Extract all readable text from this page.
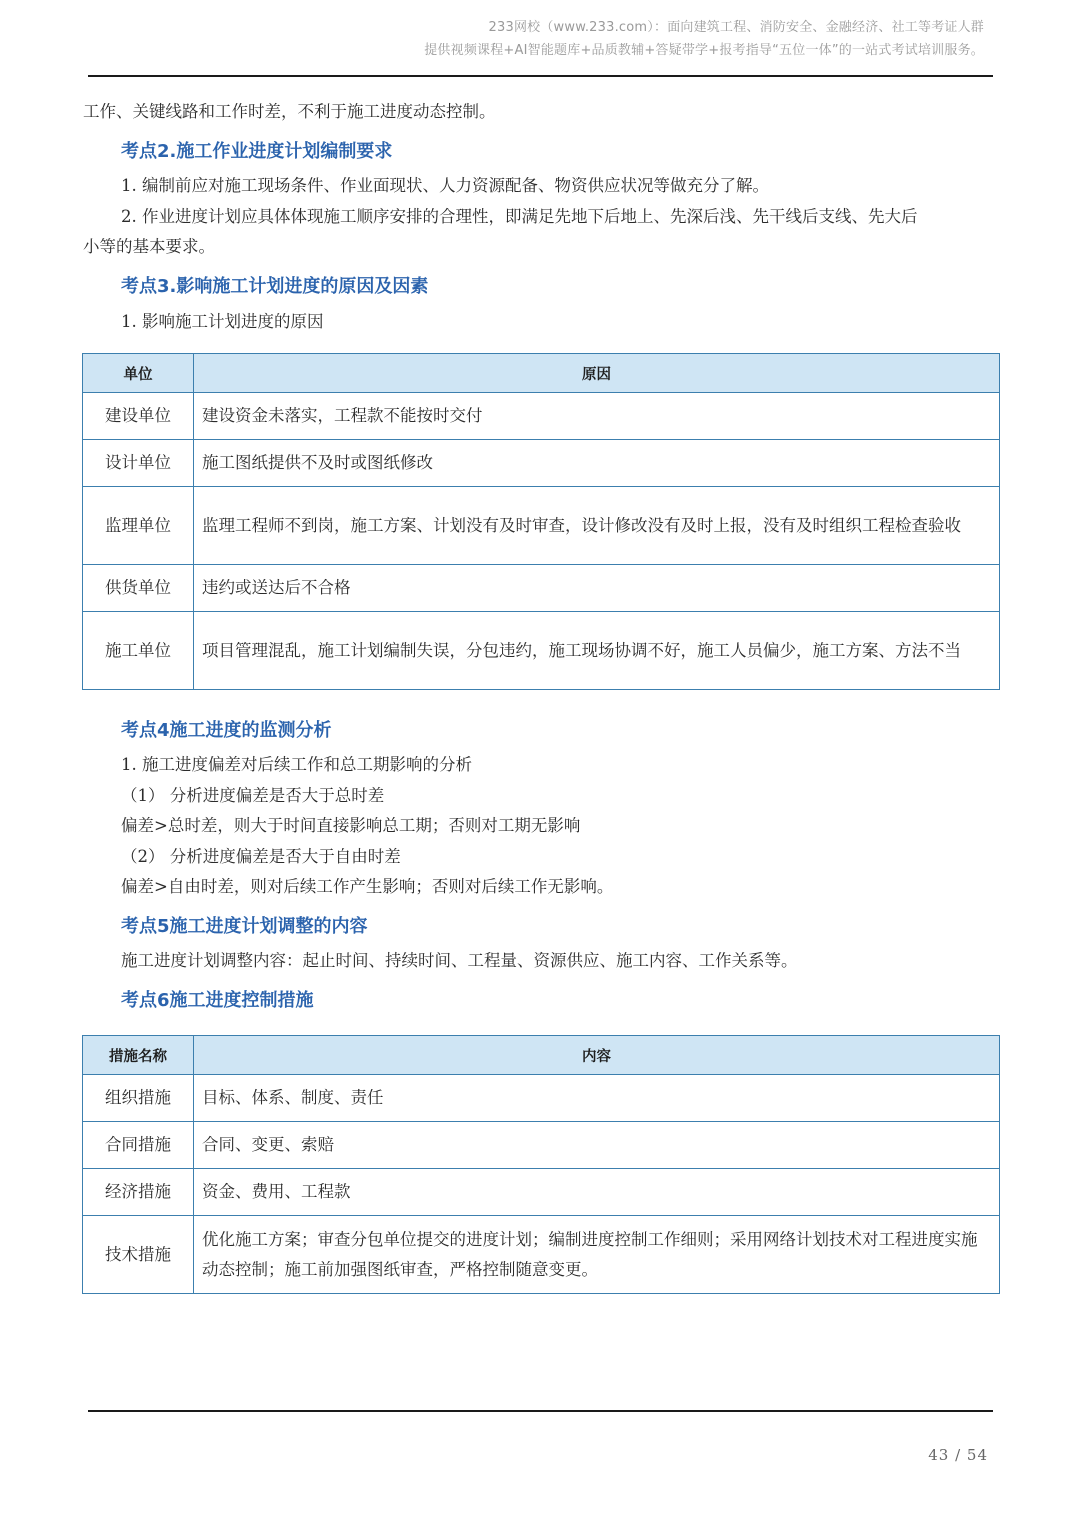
233网校（www.233.com）：面向建筑工程、消防安全、金融经济、社工等考证人群
提供视频课程+AI智能题库+品质教辅+答疑带学+报考指导“五位一体”的一站式考试培训服务。
工作、关键线路和工作时差，不利于施工进度动态控制。
考点2.施工作业进度计划编制要求
1. 编制前应对施工现场条件、作业面现状、人力资源配备、物资供应状况等做充分了解。
2. 作业进度计划应具体体现施工顺序安排的合理性，即满足先地下后地上、先深后浅、先干线后支线、先大后
小等的基本要求。
考点3.影响施工计划进度的原因及因素
1. 影响施工计划进度的原因
单位	原因
建设单位	建设资金未落实，工程款不能按时交付
设计单位	施工图纸提供不及时或图纸修改
监理单位	监理工程师不到岗，施工方案、计划没有及时审查，设计修改没有及时上报，没有及时组织工程检查验收
供货单位	违约或送达后不合格
施工单位	项目管理混乱，施工计划编制失误，分包违约，施工现场协调不好，施工人员偏少，施工方案、方法不当
考点4施工进度的监测分析
1. 施工进度偏差对后续工作和总工期影响的分析
（1） 分析进度偏差是否大于总时差
偏差>总时差，则大于时间直接影响总工期；否则对工期无影响
（2） 分析进度偏差是否大于自由时差
偏差>自由时差，则对后续工作产生影响；否则对后续工作无影响。
考点5施工进度计划调整的内容
施工进度计划调整内容：起止时间、持续时间、工程量、资源供应、施工内容、工作关系等。
考点6施工进度控制措施
措施名称	内容
组织措施	目标、体系、制度、责任
合同措施	合同、变更、索赔
经济措施	资金、费用、工程款
技术措施	优化施工方案；审查分包单位提交的进度计划；编制进度控制工作细则；采用网络计划技术对工程进度实施动态控制；施工前加强图纸审查，严格控制随意变更。
43 / 54
